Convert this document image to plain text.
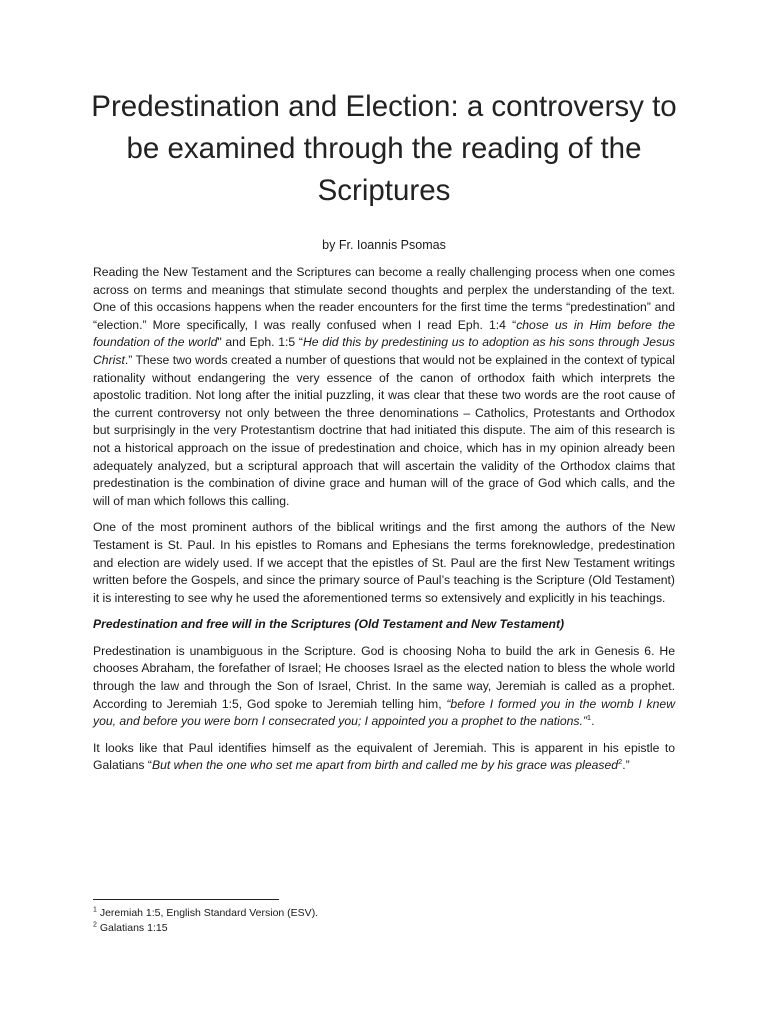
Predestination and Election: a controversy to be examined through the reading of the Scriptures

by Fr. Ioannis Psomas

Reading the New Testament and the Scriptures can become a really challenging process when one comes across on terms and meanings that stimulate second thoughts and perplex the understanding of the text. One of this occasions happens when the reader encounters for the first time the terms “predestination” and “election.” More specifically, I was really confused when I read Eph. 1:4 “chose us in Him before the foundation of the world" and Eph. 1:5 “He did this by predestining us to adoption as his sons through Jesus Christ.” These two words created a number of questions that would not be explained in the context of typical rationality without endangering the very essence of the canon of orthodox faith which interprets the apostolic tradition. Not long after the initial puzzling, it was clear that these two words are the root cause of the current controversy not only between the three denominations – Catholics, Protestants and Orthodox but surprisingly in the very Protestantism doctrine that had initiated this dispute. The aim of this research is not a historical approach on the issue of predestination and choice, which has in my opinion already been adequately analyzed, but a scriptural approach that will ascertain the validity of the Orthodox claims that predestination is the combination of divine grace and human will of the grace of God which calls, and the will of man which follows this calling.

One of the most prominent authors of the biblical writings and the first among the authors of the New Testament is St. Paul. In his epistles to Romans and Ephesians the terms foreknowledge, predestination and election are widely used. If we accept that the epistles of St. Paul are the first New Testament writings written before the Gospels, and since the primary source of Paul’s teaching is the Scripture (Old Testament) it is interesting to see why he used the aforementioned terms so extensively and explicitly in his teachings.

Predestination and free will in the Scriptures (Old Testament and New Testament)

Predestination is unambiguous in the Scripture. God is choosing Noha to build the ark in Genesis 6. He chooses Abraham, the forefather of Israel; He chooses Israel as the elected nation to bless the whole world through the law and through the Son of Israel, Christ. In the same way, Jeremiah is called as a prophet. According to Jeremiah 1:5, God spoke to Jeremiah telling him, “before I formed you in the womb I knew you, and before you were born I consecrated you; I appointed you a prophet to the nations.”$^1$.

It looks like that Paul identifies himself as the equivalent of Jeremiah. This is apparent in his epistle to Galatians “But when the one who set me apart from birth and called me by his grace was pleased$^2$.”

$^1$ Jeremiah 1:5, English Standard Version (ESV).

$^2$ Galatians 1:15
